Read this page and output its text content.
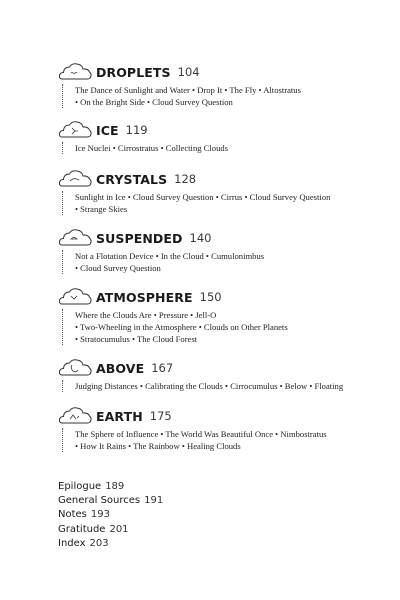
DROPLETS 104
The Dance of Sunlight and Water • Drop It • The Fly • Altostratus
• On the Bright Side • Cloud Survey Question
ICE 119
Ice Nuclei • Cirrostratus • Collecting Clouds
CRYSTALS 128
Sunlight in Ice • Cloud Survey Question • Cirrus • Cloud Survey Question
• Strange Skies
SUSPENDED 140
Not a Flotation Device • In the Cloud • Cumulonimbus
• Cloud Survey Question
ATMOSPHERE 150
Where the Clouds Are • Pressure • Jell-O
• Two-Wheeling in the Atmosphere • Clouds on Other Planets
• Stratocumulus • The Cloud Forest
ABOVE 167
Judging Distances • Calibrating the Clouds • Cirrocumulus • Below • Floating
EARTH 175
The Sphere of Influence • The World Was Beautiful Once • Nimbostratus
• How It Rains • The Rainbow • Healing Clouds
Epilogue 189
General Sources 191
Notes 193
Gratitude 201
Index 203
